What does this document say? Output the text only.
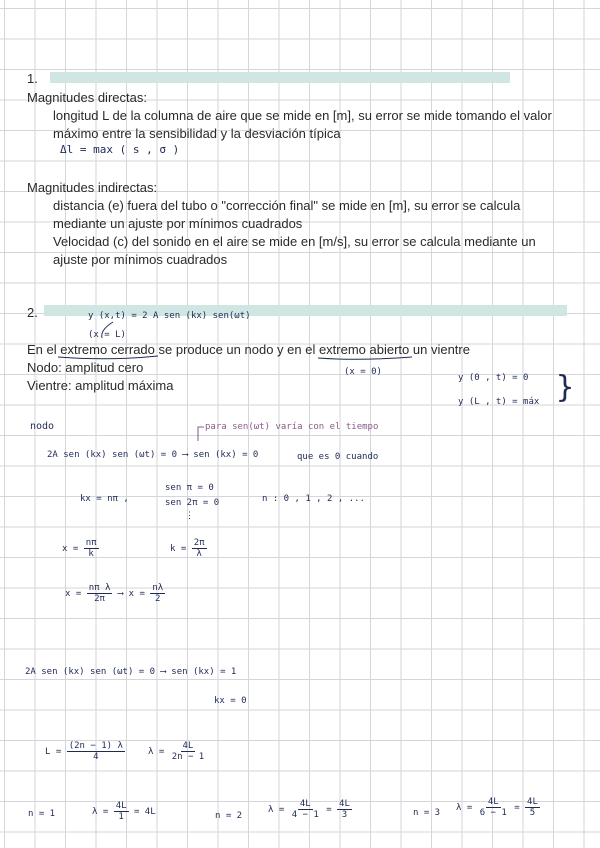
1.
Magnitudes directas:
longitud L de la columna de aire que se mide en [m], su error se mide tomando el valor
máximo entre la sensibilidad y la desviación típica
Δl = max ( s , σ )
Magnitudes indirectas:
distancia (e) fuera del tubo o "corrección final" se mide en [m], su error se calcula
mediante un ajuste por mínimos cuadrados
Velocidad (c) del sonido en el aire se mide en [m/s], su error se calcula mediante un
ajuste por mínimos cuadrados
2.	y (x,t) = 2 A sen (kx) sen(ωt)
(x = L)
En el extremo cerrado se produce un nodo y en el extremo abierto un vientre
Nodo: amplitud cero
Vientre: amplitud máxima
(x = 0)
y (0 , t) = 0
y (L , t) = máx }
nodo	para sen(ωt) varía con el tiempo
2A sen (kx) sen (ωt) = 0 ⟶ sen (kx) = 0	que es 0 cuando
kx = nπ ,
sen π = 0
sen 2π = 0
⋮
n : 0 , 1 , 2 , ...
$x = \frac{n\pi}{k}$	$k = \frac{2\pi}{\lambda}$
$x = \frac{\text{nπ λ}}{2\pi}$ ⟶ $x = \frac{n\lambda}{2}$
2A sen (kx) sen (ωt) = 0 ⟶ sen (kx) = 1
kx = 0
$L = \frac{(2n - 1) \lambda}{4}$	$\lambda = \frac{4L}{2n - 1}$
n = 1	$\lambda = \frac{4L}{1} = 4L$	n = 2
$\lambda = \frac{4L}{4 - 1} = \frac{4L}{3}$	n = 3 $\lambda = \frac{4L}{6 - 1} = \frac{4L}{5}$
